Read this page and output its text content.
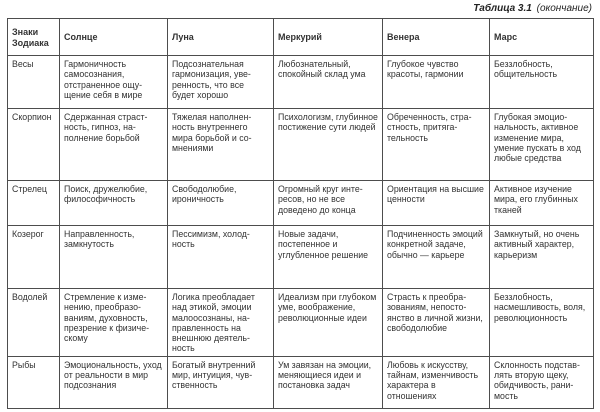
Таблица 3.1 (окончание)
Знаки Зодиака	Солнце	Луна	Меркурий	Венера	Марс
Весы	Гармоничность самосознания, отстраненное ощущение себя в мире	Подсознательная гармонизация, уверенность, что все будет хорошо	Любознательный, спокойный склад ума	Глубокое чувство красоты, гармонии	Беззлобность, общительность
Скорпион	Сдержанная страстность, гипноз, наполнение борьбой	Тяжелая наполненность внутреннего мира борьбой и сомнениями	Психологизм, глубинное постижение сути людей	Обреченность, страстность, притягательность	Глубокая эмоциональность, активное изменение мира, умение пускать в ход любые средства
Стрелец	Поиск, дружелюбие, философичность	Свободолюбие, ироничность	Огромный круг интересов, но не все доведено до конца	Ориентация на высшие ценности	Активное изучение мира, его глубинных тканей
Козерог	Направленность, замкнутость	Пессимизм, холодность	Новые задачи, постепенное и углубленное решение	Подчиненность эмоций конкретной задаче, обычно — карьере	Замкнутый, но очень активный характер, карьеризм
Водолей	Стремление к изменению, преобразованиям, духовность, презрение к физическому	Логика преобладает над этикой, эмоции малоосознаны, направленность на внешнюю деятельность	Идеализм при глубоком уме, воображение, революционные идеи	Страсть к преобразованиям, непостоянство в личной жизни, свободолюбие	Беззлобность, насмешливость, воля, революционность
Рыбы	Эмоциональность, уход от реальности в мир подсознания	Богатый внутренний мир, интуиция, чувственность	Ум завязан на эмоции, меняющиеся идеи и постановка задач	Любовь к искусству, тайнам, изменчивость характера в отношениях	Склонность подставлять вторую щеку, обидчивость, ранимость
